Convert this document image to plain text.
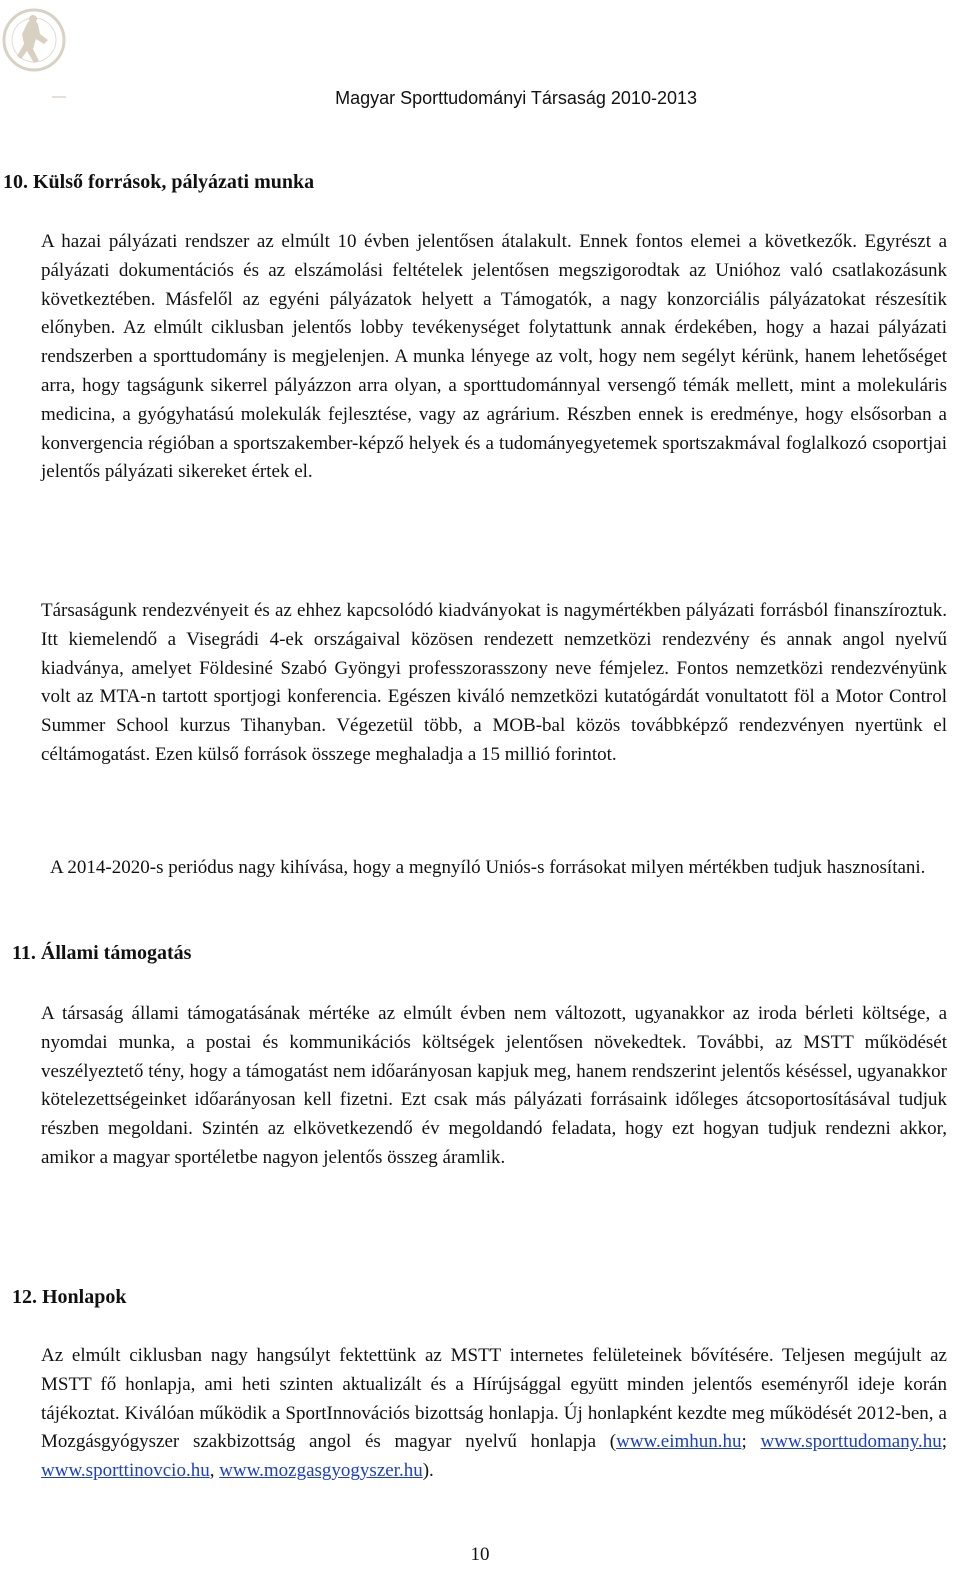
Magyar Sporttudományi Társaság 2010-2013
10. Külső források, pályázati munka

A hazai pályázati rendszer az elmúlt 10 évben jelentősen átalakult. Ennek fontos elemei a következők. Egyrészt a pályázati dokumentációs és az elszámolási feltételek jelentősen megszigorodtak az Unióhoz való csatlakozásunk következtében. Másfelől az egyéni pályázatok helyett a Támogatók, a nagy konzorciális pályázatokat részesítik előnyben. Az elmúlt ciklusban jelentős lobby tevékenységet folytattunk annak érdekében, hogy a hazai pályázati rendszerben a sporttudomány is megjelenjen. A munka lényege az volt, hogy nem segélyt kérünk, hanem lehetőséget arra, hogy tagságunk sikerrel pályázzon arra olyan, a sporttudománnyal versengő témák mellett, mint a molekuláris medicina, a gyógyhatású molekulák fejlesztése, vagy az agrárium. Részben ennek is eredménye, hogy elsősorban a konvergencia régióban a sportszakember-képző helyek és a tudományegyetemek sportszakmával foglalkozó csoportjai jelentős pályázati sikereket értek el.

Társaságunk rendezvényeit és az ehhez kapcsolódó kiadványokat is nagymértékben pályázati forrásból finanszíroztuk. Itt kiemelendő a Visegrádi 4-ek országaival közösen rendezett nemzetközi rendezvény és annak angol nyelvű kiadványa, amelyet Földesiné Szabó Gyöngyi professzorasszony neve fémjelez. Fontos nemzetközi rendezvényünk volt az MTA-n tartott sportjogi konferencia. Egészen kiváló nemzetközi kutatógárdát vonultatott föl a Motor Control Summer School kurzus Tihanyban. Végezetül több, a MOB-bal közös továbbképző rendezvényen nyertünk el céltámogatást. Ezen külső források összege meghaladja a 15 millió forintot.

A 2014-2020-s periódus nagy kihívása, hogy a megnyíló Uniós-s forrásokat milyen mértékben tudjuk hasznosítani.

11. Állami támogatás

A társaság állami támogatásának mértéke az elmúlt évben nem változott, ugyanakkor az iroda bérleti költsége, a nyomdai munka, a postai és kommunikációs költségek jelentősen növekedtek. További, az MSTT működését veszélyeztető tény, hogy a támogatást nem időarányosan kapjuk meg, hanem rendszerint jelentős késéssel, ugyanakkor kötelezettségeinket időarányosan kell fizetni. Ezt csak más pályázati forrásaink időleges átcsoportosításával tudjuk részben megoldani. Szintén az elkövetkezendő év megoldandó feladata, hogy ezt hogyan tudjuk rendezni akkor, amikor a magyar sportéletbe nagyon jelentős összeg áramlik.

12. Honlapok

Az elmúlt ciklusban nagy hangsúlyt fektettünk az MSTT internetes felületeinek bővítésére. Teljesen megújult az MSTT fő honlapja, ami heti szinten aktualizált és a Hírújsággal együtt minden jelentős eseményről ideje korán tájékoztat. Kiválóan működik a SportInnovációs bizottság honlapja. Új honlapként kezdte meg működését 2012-ben, a Mozgásgyógyszer szakbizottság angol és magyar nyelvű honlapja (www.eimhun.hu; www.sporttudomany.hu; www.sporttinovcio.hu, www.mozgasgyogyszer.hu).

10
